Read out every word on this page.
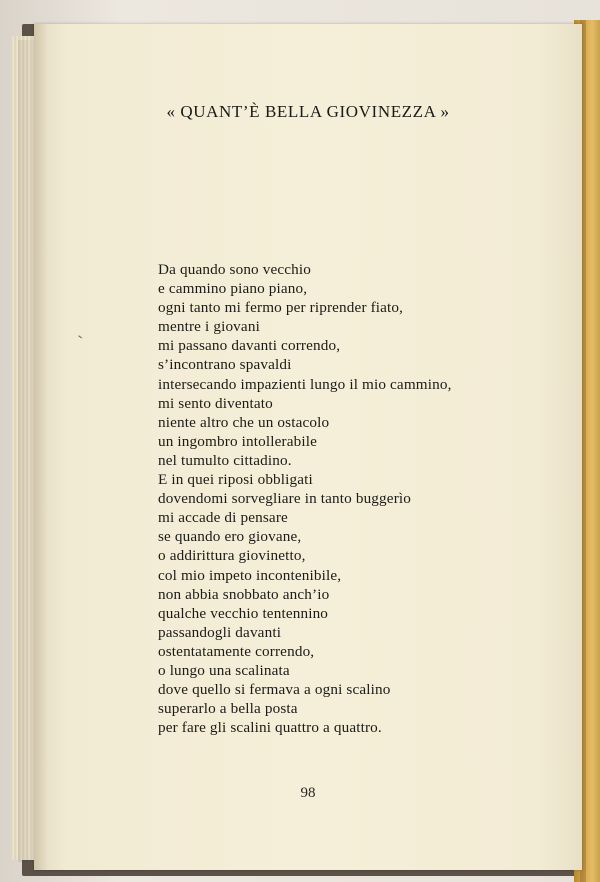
« QUANT’È BELLA GIOVINEZZA »
Da quando sono vecchio
e cammino piano piano,
ogni tanto mi fermo per riprender fiato,
mentre i giovani
mi passano davanti correndo,
s’incontrano spavaldi
intersecando impazienti lungo il mio cammino,
mi sento diventato
niente altro che un ostacolo
un ingombro intollerabile
nel tumulto cittadino.
E in quei riposi obbligati
dovendomi sorvegliare in tanto buggerìo
mi accade di pensare
se quando ero giovane,
o addirittura giovinetto,
col mio impeto incontenibile,
non abbia snobbato anch’io
qualche vecchio tentennino
passandogli davanti
ostentatamente correndo,
o lungo una scalinata
dove quello si fermava a ogni scalino
superarlo a bella posta
per fare gli scalini quattro a quattro.
98
